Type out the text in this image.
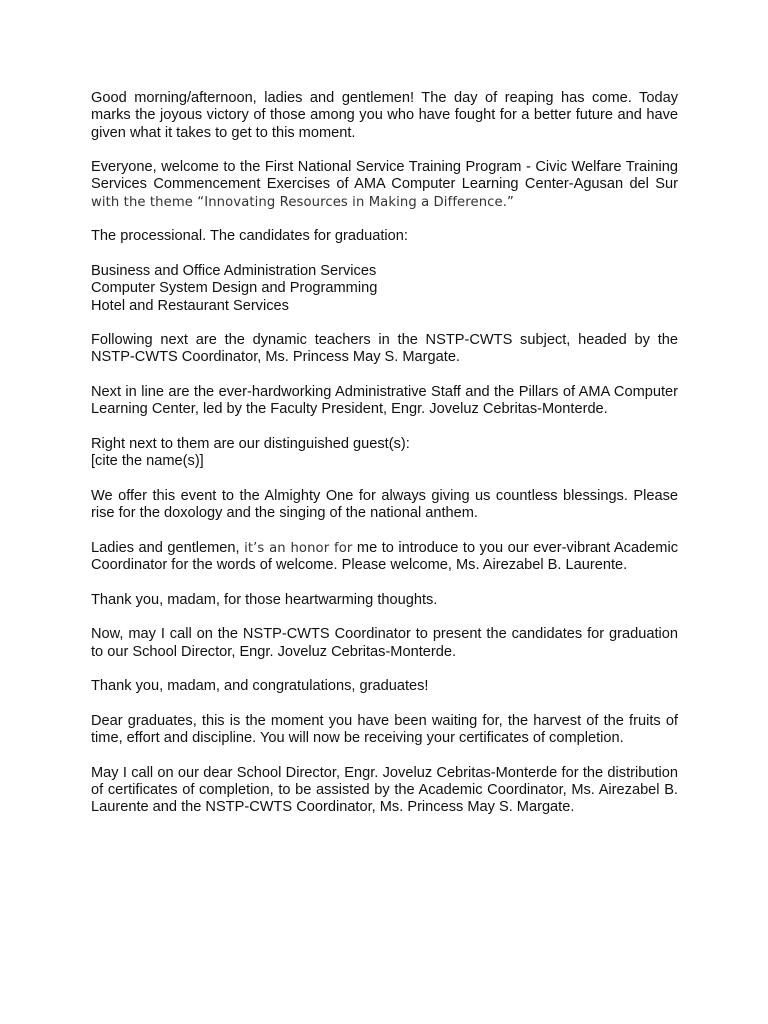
Good morning/afternoon, ladies and gentlemen! The day of reaping has come. Today marks the joyous victory of those among you who have fought for a better future and have given what it takes to get to this moment.

Everyone, welcome to the First National Service Training Program - Civic Welfare Training Services Commencement Exercises of AMA Computer Learning Center-Agusan del Sur with the theme “Innovating Resources in Making a Difference.”

The processional. The candidates for graduation:

Business and Office Administration Services
Computer System Design and Programming
Hotel and Restaurant Services

Following next are the dynamic teachers in the NSTP-CWTS subject, headed by the NSTP-CWTS Coordinator, Ms. Princess May S. Margate.

Next in line are the ever-hardworking Administrative Staff and the Pillars of AMA Computer Learning Center, led by the Faculty President, Engr. Joveluz Cebritas-Monterde.

Right next to them are our distinguished guest(s):
[cite the name(s)]

We offer this event to the Almighty One for always giving us countless blessings. Please rise for the doxology and the singing of the national anthem.

Ladies and gentlemen, it’s an honor for me to introduce to you our ever-vibrant Academic Coordinator for the words of welcome. Please welcome, Ms. Airezabel B. Laurente.

Thank you, madam, for those heartwarming thoughts.

Now, may I call on the NSTP-CWTS Coordinator to present the candidates for graduation to our School Director, Engr. Joveluz Cebritas-Monterde.

Thank you, madam, and congratulations, graduates!

Dear graduates, this is the moment you have been waiting for, the harvest of the fruits of time, effort and discipline. You will now be receiving your certificates of completion.

May I call on our dear School Director, Engr. Joveluz Cebritas-Monterde for the distribution of certificates of completion, to be assisted by the Academic Coordinator, Ms. Airezabel B. Laurente and the NSTP-CWTS Coordinator, Ms. Princess May S. Margate.
